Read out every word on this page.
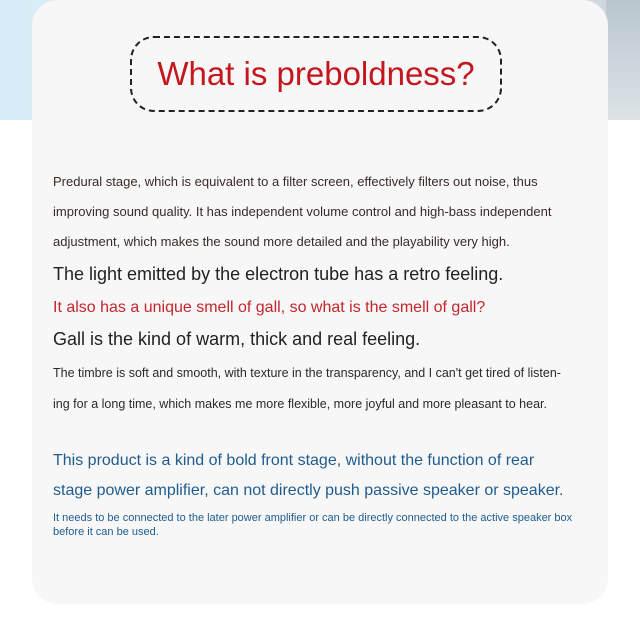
What is preboldness?

Predural stage, which is equivalent to a filter screen, effectively filters out noise, thus

improving sound quality. It has independent volume control and high-bass independent

adjustment, which makes the sound more detailed and the playability very high.

The light emitted by the electron tube has a retro feeling.

It also has a unique smell of gall, so what is the smell of gall?

Gall is the kind of warm, thick and real feeling.

The timbre is soft and smooth, with texture in the transparency, and I can't get tired of listen-

ing for a long time, which makes me more flexible, more joyful and more pleasant to hear.

This product is a kind of bold front stage, without the function of rear

stage power amplifier, can not directly push passive speaker or speaker.

It needs to be connected to the later power amplifier or can be directly connected to the active speaker box before it can be used.
